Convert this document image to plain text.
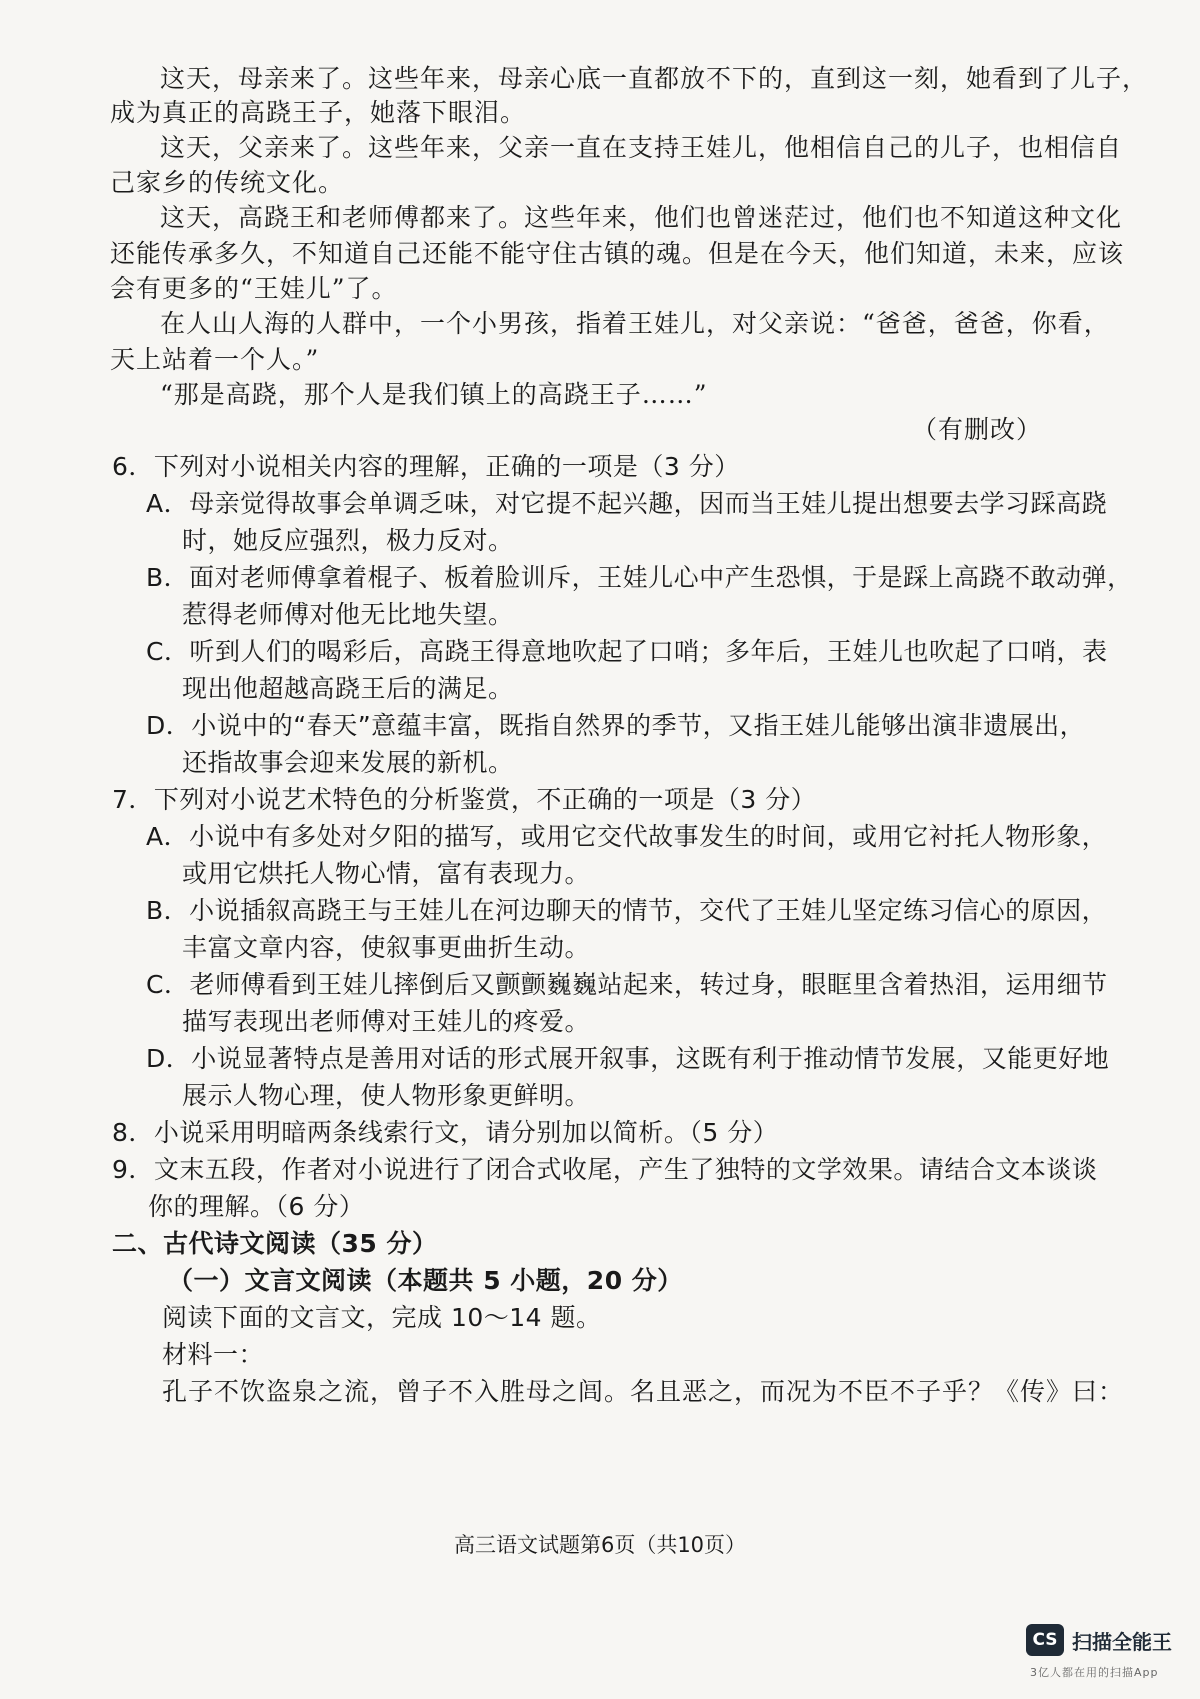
这天，母亲来了。这些年来，母亲心底一直都放不下的，直到这一刻，她看到了儿子，
成为真正的高跷王子，她落下眼泪。
这天，父亲来了。这些年来，父亲一直在支持王娃儿，他相信自己的儿子，也相信自
己家乡的传统文化。
这天，高跷王和老师傅都来了。这些年来，他们也曾迷茫过，他们也不知道这种文化
还能传承多久，不知道自己还能不能守住古镇的魂。但是在今天，他们知道，未来，应该
会有更多的“王娃儿”了。
在人山人海的人群中，一个小男孩，指着王娃儿，对父亲说：“爸爸，爸爸，你看，
天上站着一个人。”
“那是高跷，那个人是我们镇上的高跷王子……”
（有删改）
6．下列对小说相关内容的理解，正确的一项是（3 分）
A．母亲觉得故事会单调乏味，对它提不起兴趣，因而当王娃儿提出想要去学习踩高跷
时，她反应强烈，极力反对。
B．面对老师傅拿着棍子、板着脸训斥，王娃儿心中产生恐惧，于是踩上高跷不敢动弹，
惹得老师傅对他无比地失望。
C．听到人们的喝彩后，高跷王得意地吹起了口哨；多年后，王娃儿也吹起了口哨，表
现出他超越高跷王后的满足。
D．小说中的“春天”意蕴丰富，既指自然界的季节，又指王娃儿能够出演非遗展出，
还指故事会迎来发展的新机。
7．下列对小说艺术特色的分析鉴赏，不正确的一项是（3 分）
A．小说中有多处对夕阳的描写，或用它交代故事发生的时间，或用它衬托人物形象，
或用它烘托人物心情，富有表现力。
B．小说插叙高跷王与王娃儿在河边聊天的情节，交代了王娃儿坚定练习信心的原因，
丰富文章内容，使叙事更曲折生动。
C．老师傅看到王娃儿摔倒后又颤颤巍巍站起来，转过身，眼眶里含着热泪，运用细节
描写表现出老师傅对王娃儿的疼爱。
D．小说显著特点是善用对话的形式展开叙事，这既有利于推动情节发展，又能更好地
展示人物心理，使人物形象更鲜明。
8．小说采用明暗两条线索行文，请分别加以简析。（5 分）
9．文末五段，作者对小说进行了闭合式收尾，产生了独特的文学效果。请结合文本谈谈
你的理解。（6 分）
二、古代诗文阅读（35 分）
（一）文言文阅读（本题共 5 小题，20 分）
阅读下面的文言文，完成 10～14 题。
材料一：
孔子不饮盗泉之流，曾子不入胜母之闾。名且恶之，而况为不臣不子乎？《传》曰：
高三语文试题第6页（共10页）
CS 扫描全能王
3亿人都在用的扫描App
